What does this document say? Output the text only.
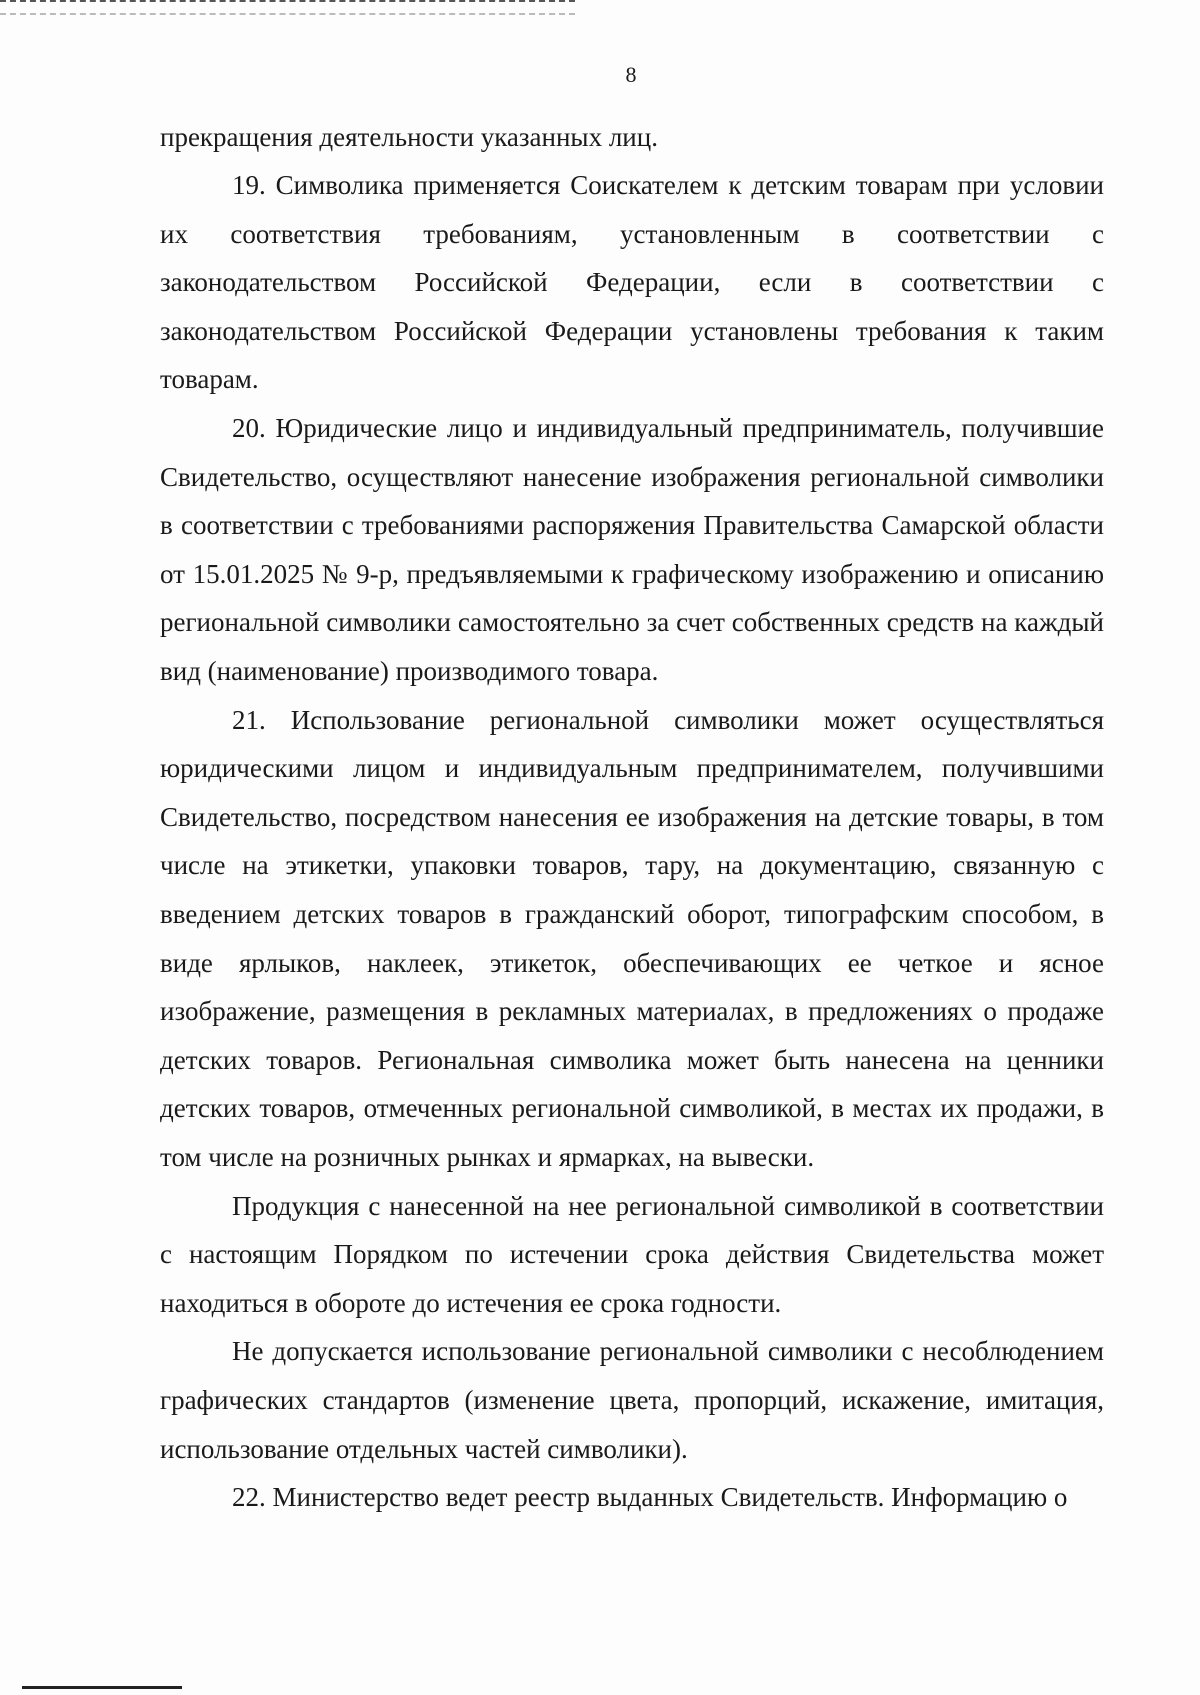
8

прекращения деятельности указанных лиц.

19. Символика применяется Соискателем к детским товарам при условии их соответствия требованиям, установленным в соответствии с законодательством Российской Федерации, если в соответствии с законодательством Российской Федерации установлены требования к таким товарам.

20. Юридические лицо и индивидуальный предприниматель, получившие Свидетельство, осуществляют нанесение изображения региональной символики в соответствии с требованиями распоряжения Правительства Самарской области от 15.01.2025 № 9-р, предъявляемыми к графическому изображению и описанию региональной символики самостоятельно за счет собственных средств на каждый вид (наименование) производимого товара.

21. Использование региональной символики может осуществляться юридическими лицом и индивидуальным предпринимателем, получившими Свидетельство, посредством нанесения ее изображения на детские товары, в том числе на этикетки, упаковки товаров, тару, на документацию, связанную с введением детских товаров в гражданский оборот, типографским способом, в виде ярлыков, наклеек, этикеток, обеспечивающих ее четкое и ясное изображение, размещения в рекламных материалах, в предложениях о продаже детских товаров. Региональная символика может быть нанесена на ценники детских товаров, отмеченных региональной символикой, в местах их продажи, в том числе на розничных рынках и ярмарках, на вывески.

Продукция с нанесенной на нее региональной символикой в соответствии с настоящим Порядком по истечении срока действия Свидетельства может находиться в обороте до истечения ее срока годности.

Не допускается использование региональной символики с несоблюдением графических стандартов (изменение цвета, пропорций, искажение, имитация, использование отдельных частей символики).

22. Министерство ведет реестр выданных Свидетельств. Информацию о
